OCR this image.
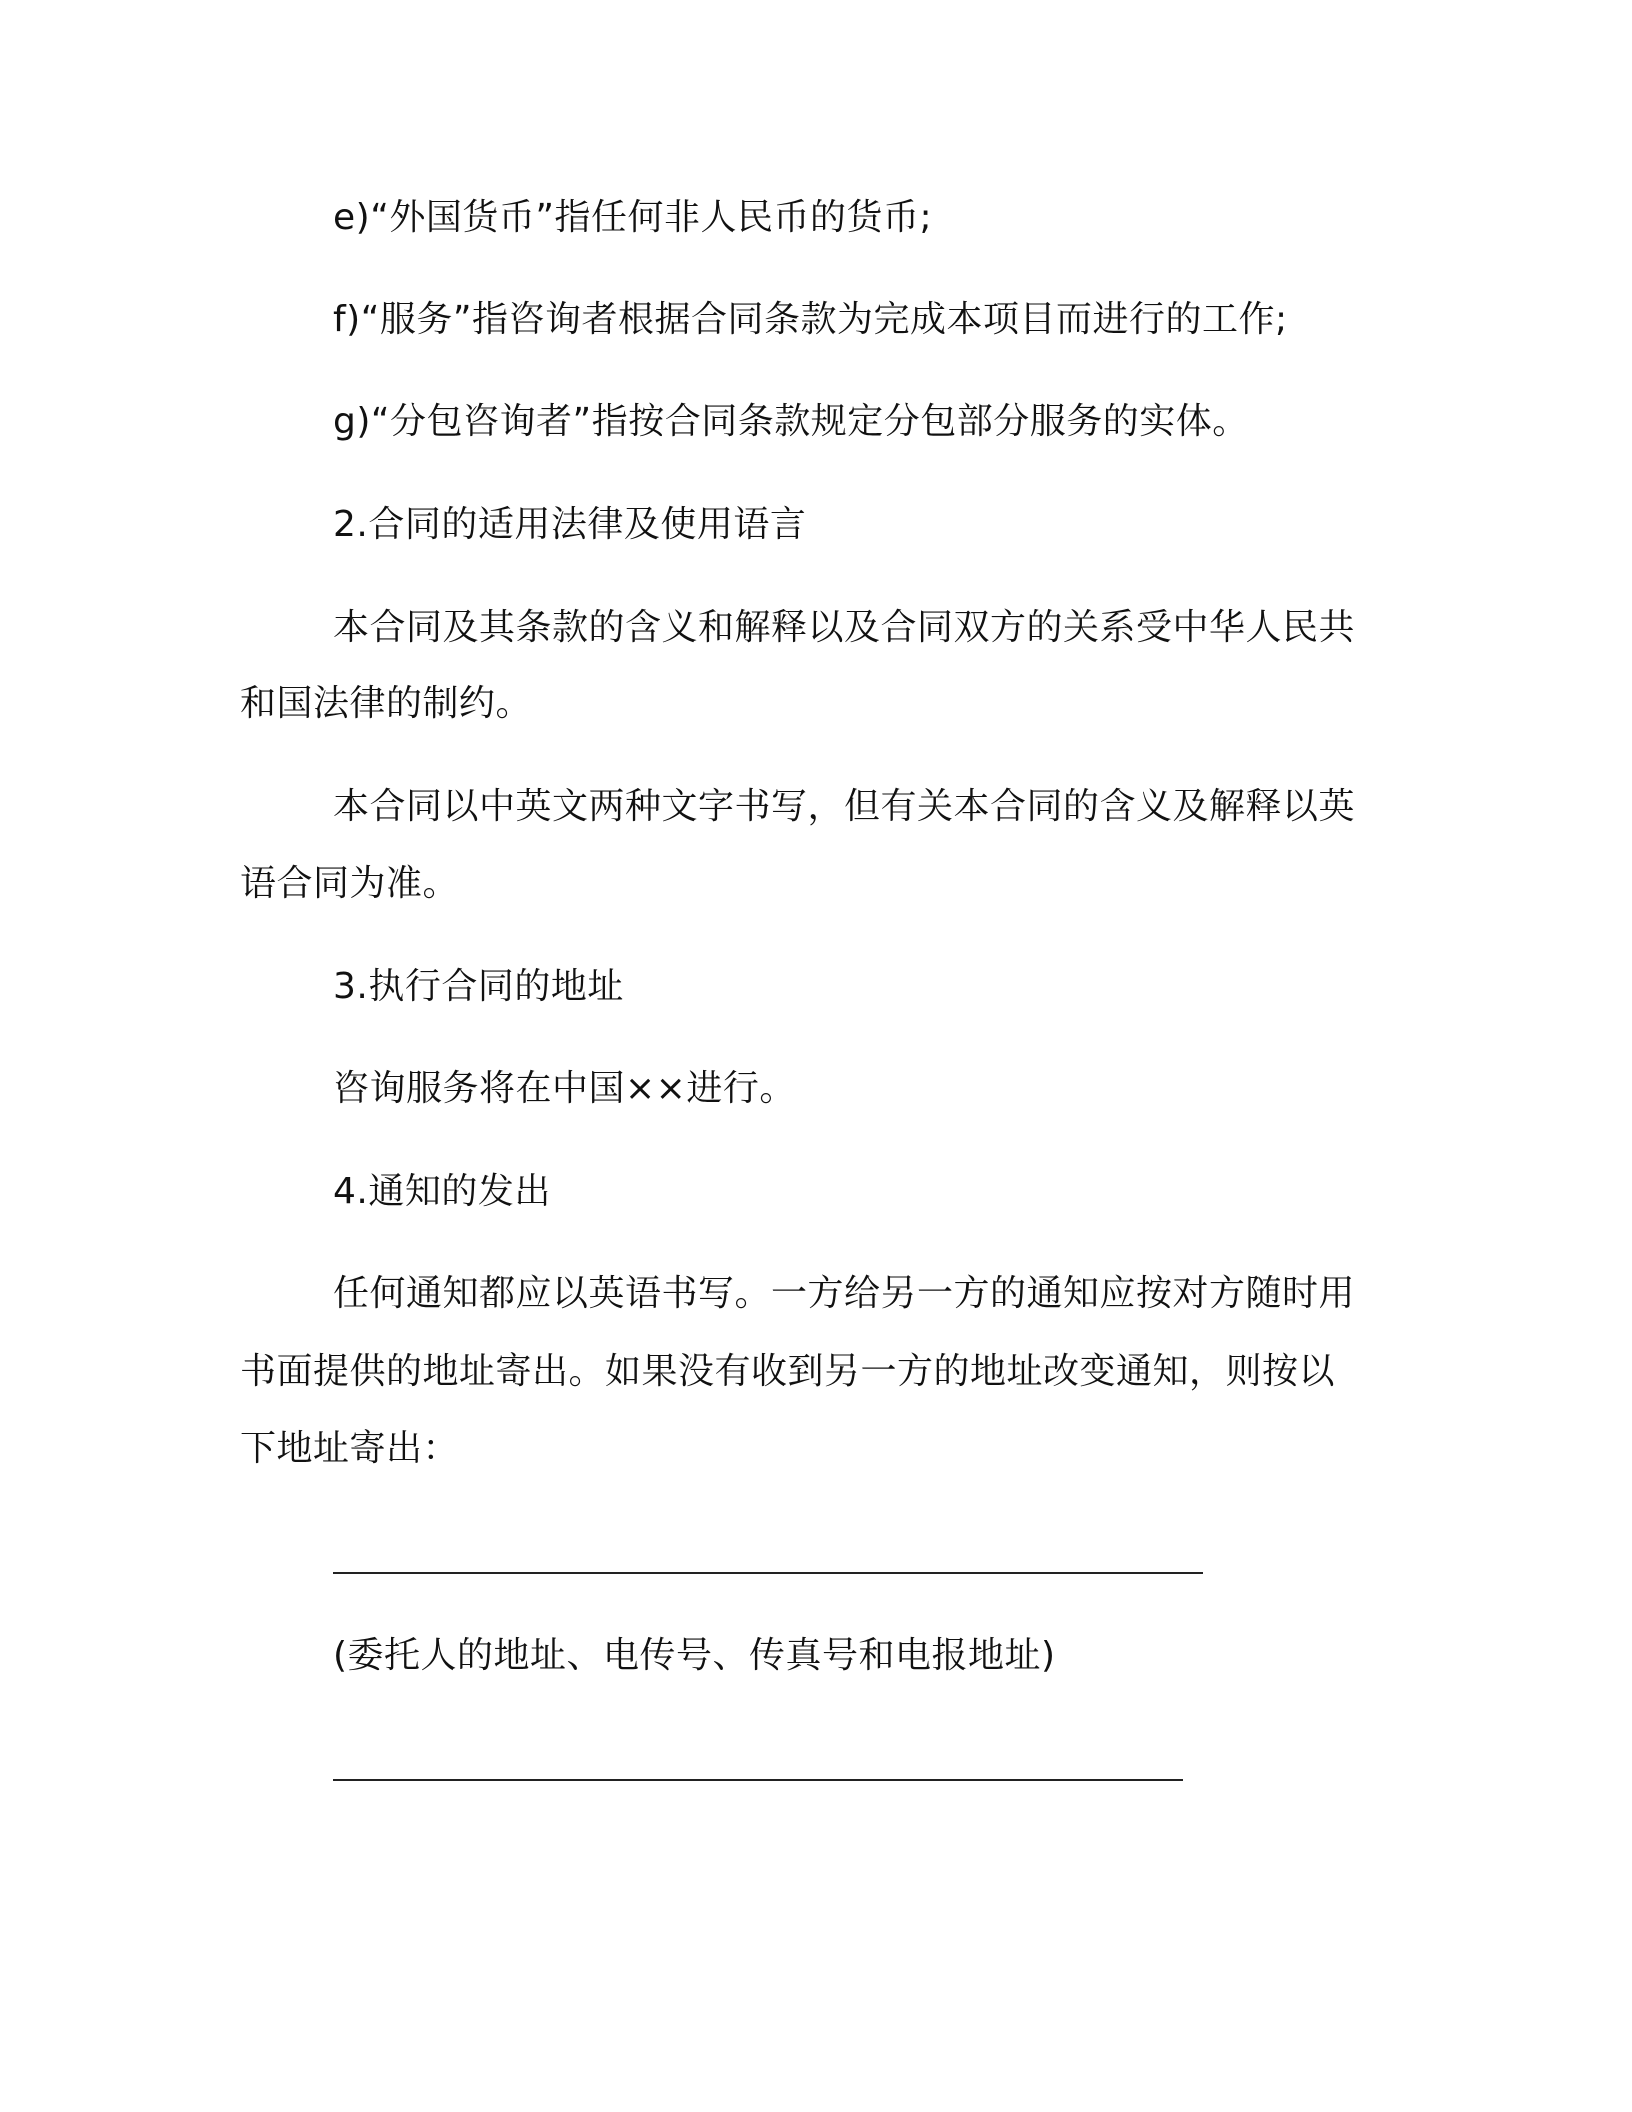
e)“外国货币”指任何非人民币的货币;

f)“服务”指咨询者根据合同条款为完成本项目而进行的工作;

g)“分包咨询者”指按合同条款规定分包部分服务的实体。

2.合同的适用法律及使用语言

本合同及其条款的含义和解释以及合同双方的关系受中华人民共

和国法律的制约。

本合同以中英文两种文字书写，但有关本合同的含义及解释以英

语合同为准。

3.执行合同的地址

咨询服务将在中国××进行。

4.通知的发出

任何通知都应以英语书写。一方给另一方的通知应按对方随时用

书面提供的地址寄出。如果没有收到另一方的地址改变通知，则按以

下地址寄出：

(委托人的地址、电传号、传真号和电报地址)
